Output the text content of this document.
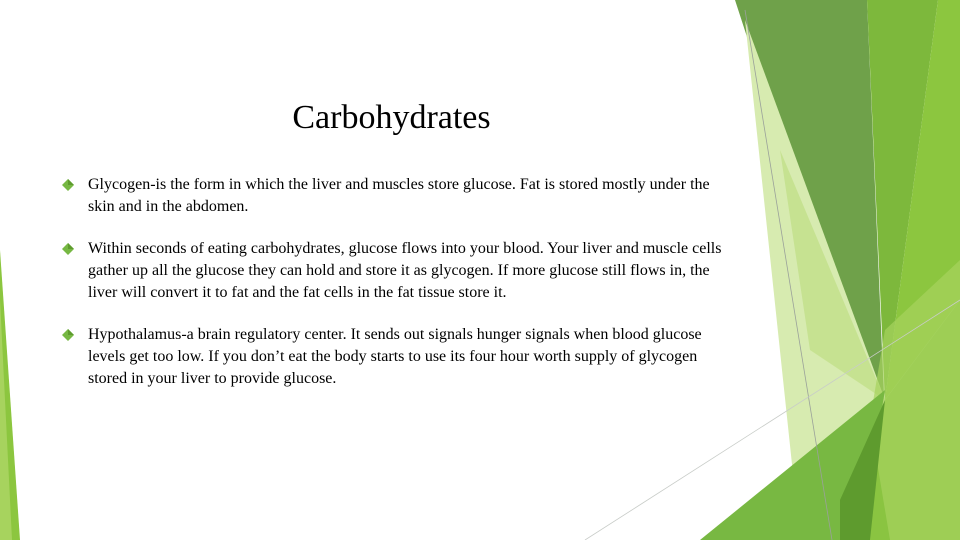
Carbohydrates
Glycogen-is the form in which the liver and muscles store glucose. Fat is stored mostly under the skin and in the abdomen.
Within seconds of eating carbohydrates, glucose flows into your blood. Your liver and muscle cells gather up all the glucose they can hold and store it as glycogen. If more glucose still flows in, the liver will convert it to fat and the fat cells in the fat tissue store it.
Hypothalamus-a brain regulatory center. It sends out signals hunger signals when blood glucose levels get too low. If you don’t eat the body starts to use its four hour worth supply of glycogen stored in your liver to provide glucose.
